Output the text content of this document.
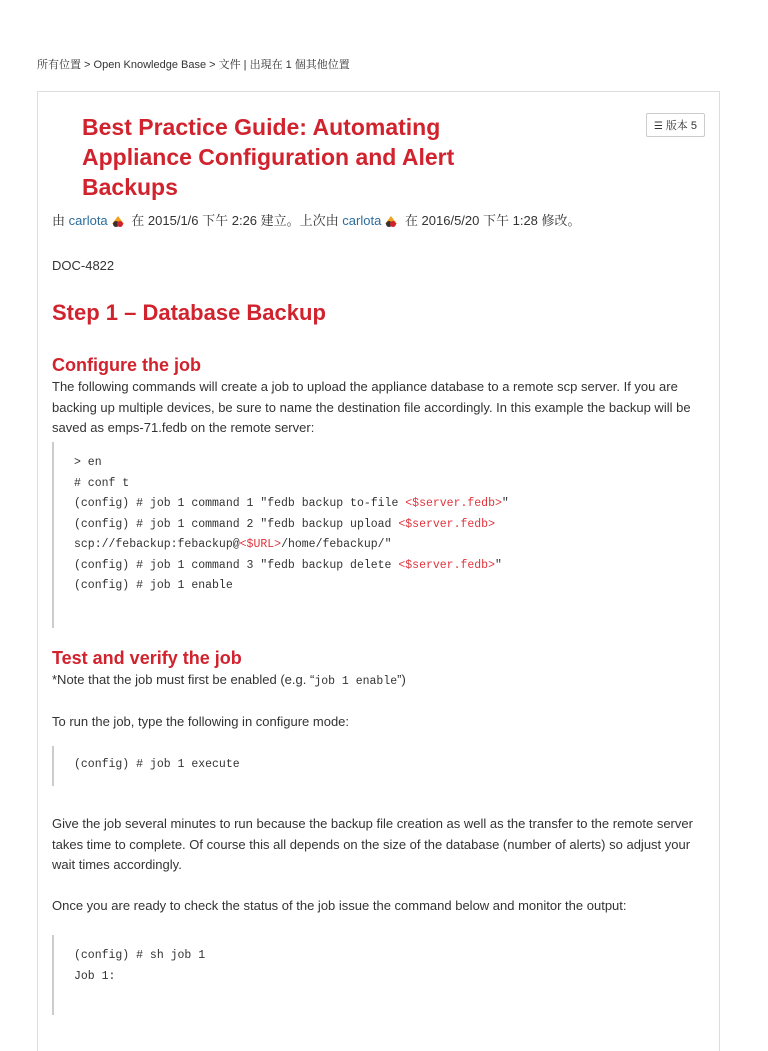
所有位置 > Open Knowledge Base > 文件 | 出現在 1 個其他位置
☰ 版本 5
Best Practice Guide: Automating Appliance Configuration and Alert Backups

由 carlota 在 2015/1/6 下午 2:26 建立。上次由 carlota 在 2016/5/20 下午 1:28 修改。

DOC-4822

Step 1 – Database Backup
Configure the job

The following commands will create a job to upload the appliance database to a remote scp server. If you are backing up multiple devices, be sure to name the destination file accordingly. In this example the backup will be saved as emps-71.fedb on the remote server:

> en
# conf t
(config) # job 1 command 1 "fedb backup to-file <$server.fedb>"
(config) # job 1 command 2 "fedb backup upload <$server.fedb>
scp://febackup:febackup@<$URL>/home/febackup/"
(config) # job 1 command 3 "fedb backup delete <$server.fedb>"
(config) # job 1 enable
Test and verify the job

*Note that the job must first be enabled (e.g. “job 1 enable”)

To run the job, type the following in configure mode:

(config) # job 1 execute

Give the job several minutes to run because the backup file creation as well as the transfer to the remote server takes time to complete. Of course this all depends on the size of the database (number of alerts) so adjust your wait times accordingly.

Once you are ready to check the status of the job issue the command below and monitor the output:

(config) # sh job 1
Job 1:
